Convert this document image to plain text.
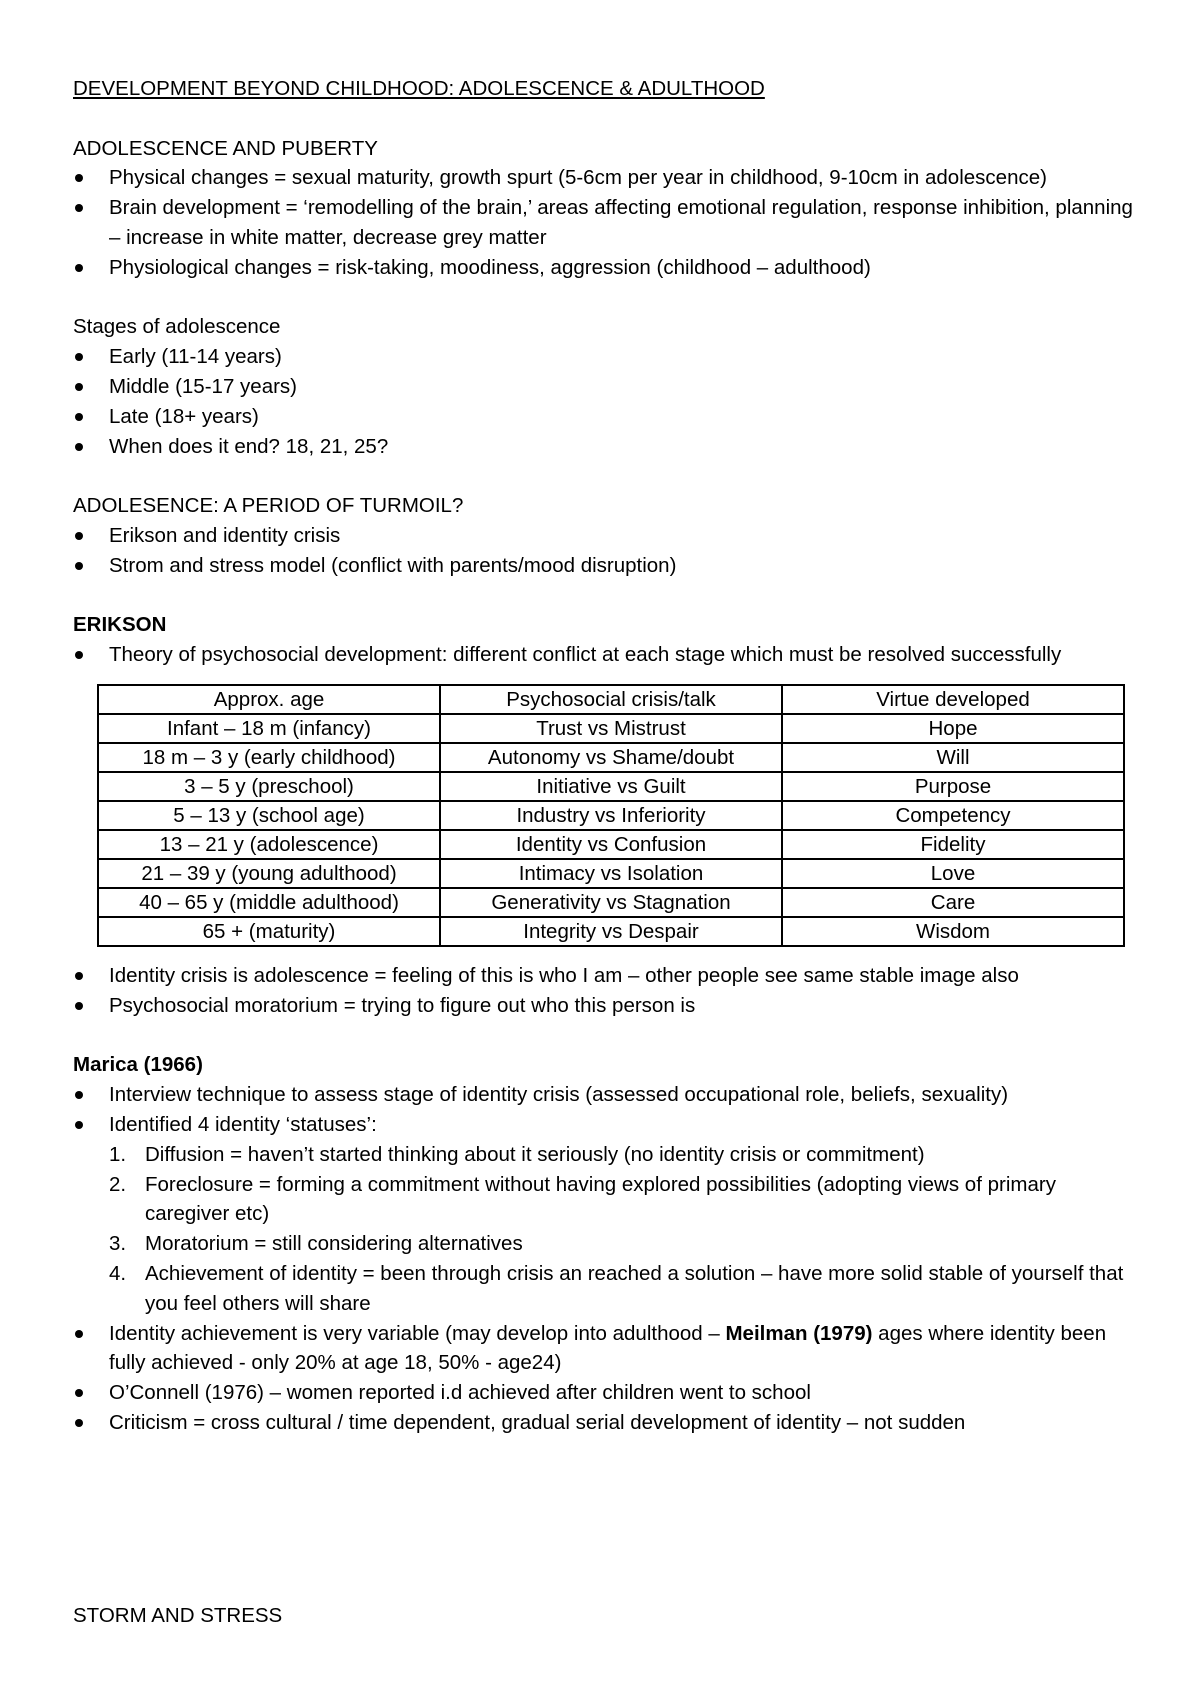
DEVELOPMENT BEYOND CHILDHOOD: ADOLESCENCE & ADULTHOOD

ADOLESCENCE AND PUBERTY

Physical changes = sexual maturity, growth spurt (5-6cm per year in childhood, 9-10cm in adolescence)
Brain development = ‘remodelling of the brain,’ areas affecting emotional regulation, response inhibition, planning – increase in white matter, decrease grey matter
Physiological changes = risk-taking, moodiness, aggression (childhood – adulthood)

Stages of adolescence

Early (11-14 years)
Middle (15-17 years)
Late (18+ years)
When does it end? 18, 21, 25?

ADOLESENCE: A PERIOD OF TURMOIL?

Erikson and identity crisis
Strom and stress model (conflict with parents/mood disruption)

ERIKSON

Theory of psychosocial development: different conflict at each stage which must be resolved successfully
Approx. age	Psychosocial crisis/talk	Virtue developed
Infant – 18 m (infancy)	Trust vs Mistrust	Hope
18 m – 3 y (early childhood)	Autonomy vs Shame/doubt	Will
3 – 5 y (preschool)	Initiative vs Guilt	Purpose
5 – 13 y (school age)	Industry vs Inferiority	Competency
13 – 21 y (adolescence)	Identity vs Confusion	Fidelity
21 – 39 y (young adulthood)	Intimacy vs Isolation	Love
40 – 65 y (middle adulthood)	Generativity vs Stagnation	Care
65 + (maturity)	Integrity vs Despair	Wisdom
Identity crisis is adolescence = feeling of this is who I am – other people see same stable image also
Psychosocial moratorium = trying to figure out who this person is

Marica (1966)

Interview technique to assess stage of identity crisis (assessed occupational role, beliefs, sexuality)
Identified 4 identity ‘statuses’:
1. Diffusion = haven’t started thinking about it seriously (no identity crisis or commitment)
2. Foreclosure = forming a commitment without having explored possibilities (adopting views of primary caregiver etc)
3. Moratorium = still considering alternatives
4. Achievement of identity = been through crisis an reached a solution – have more solid stable of yourself that you feel others will share
Identity achievement is very variable (may develop into adulthood – Meilman (1979) ages where identity been fully achieved - only 20% at age 18, 50% - age24)
O’Connell (1976) – women reported i.d achieved after children went to school
Criticism = cross cultural / time dependent, gradual serial development of identity – not sudden

STORM AND STRESS
